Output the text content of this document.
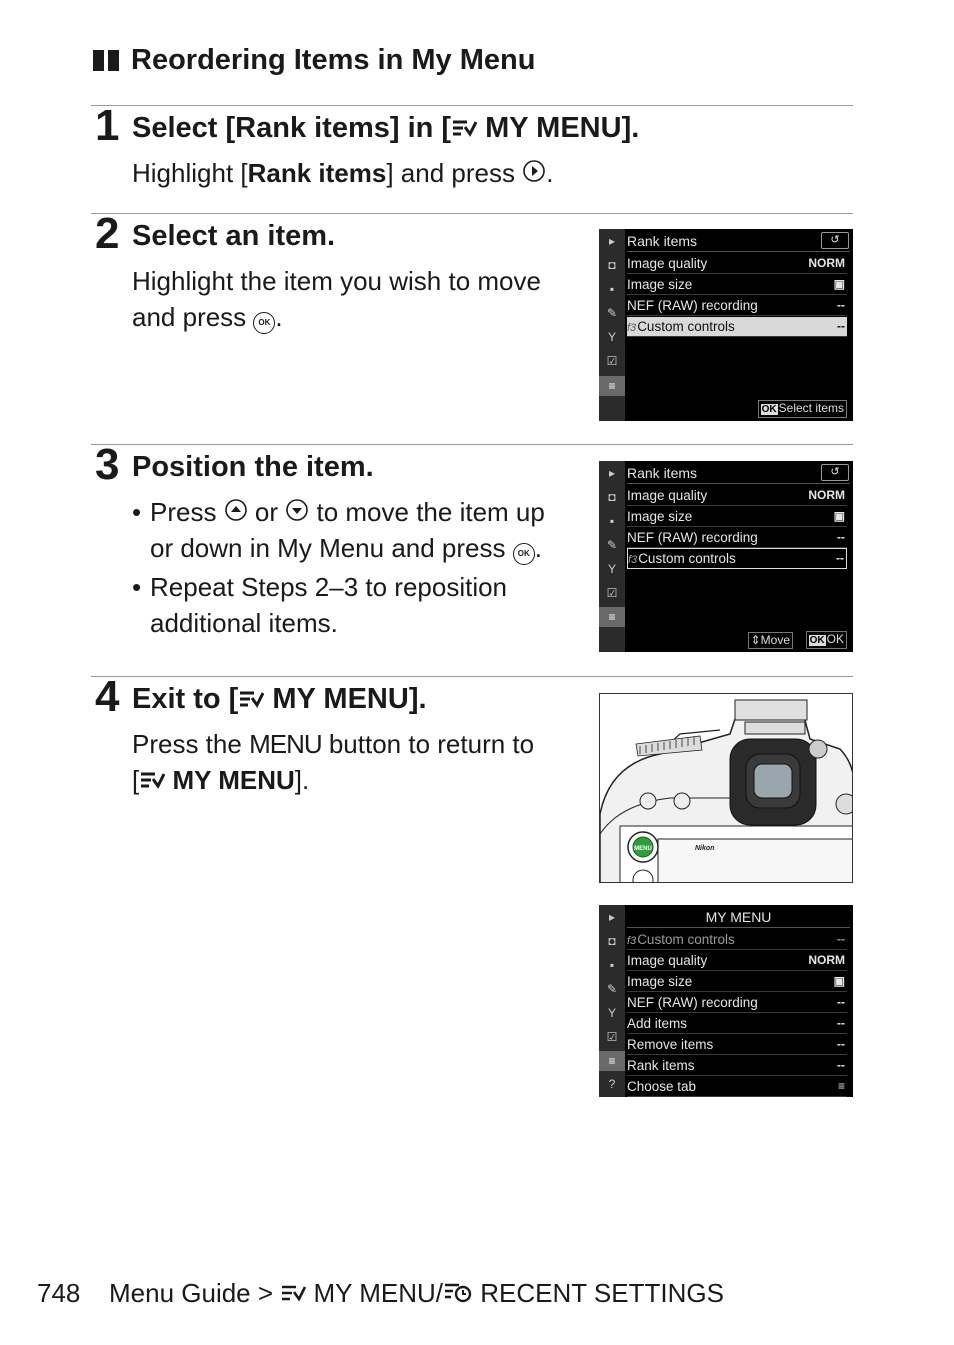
Reordering Items in My Menu
1 Select [Rank items] in [ MY MENU].
Highlight [Rank items] and press .
2 Select an item.
Highlight the item you wish to move
and press OK .
▸
◘
▪
✎
Y
☑
≡
Rank items	↺
Image quality	NORM
Image size	▣
NEF (RAW) recording	--
f3Custom controls	--
OK Select items
3 Position the item.
• Press  or  to move the item up
or down in My Menu and press OK .
• Repeat Steps 2–3 to reposition additional items.
▸
◘
▪
✎
Y
☑
≡
Rank items	↺
Image quality	NORM
Image size	▣
NEF (RAW) recording	--
f3Custom controls	--
⇕Move	OK OK
4 Exit to [ MY MENU].
Press the MENU button to return to
[ MY MENU].
MENU	Nikon
▸
◘
▪
✎
Y
☑
≡
?
MY MENU
f3Custom controls	--
Image quality	NORM
Image size	▣
NEF (RAW) recording	--
Add items	--
Remove items	--
Rank items	--
Choose tab	≡
748 Menu Guide >  MY MENU/ RECENT SETTINGS
